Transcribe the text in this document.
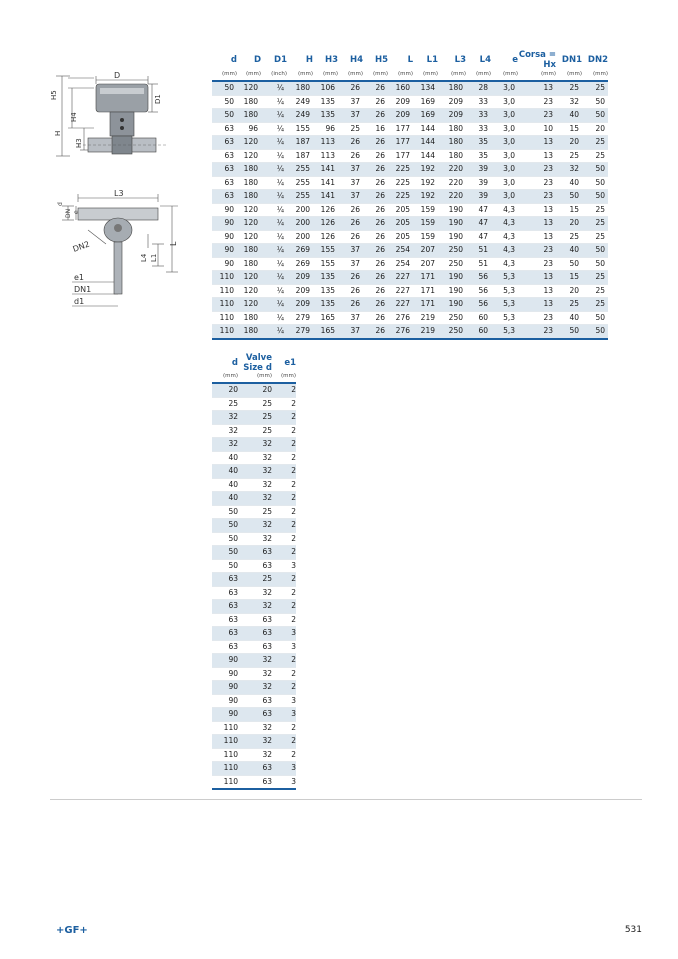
D
H5
H4
H
H3
D1
L3
d
DN e
DN2
L4 L1
L
e1
DN1
d1
d	D	D1	H	H3	H4	H5	L	L1	L3	L4	e	Corsa = Hx	DN1	DN2
(mm)	(mm)	(inch)	(mm)	(mm)	(mm)	(mm)	(mm)	(mm)	(mm)	(mm)	(mm)	(mm)	(mm)	(mm)
50	120	¼	180	106	26	26	160	134	180	28	3,0	13	25	25
50	180	¼	249	135	37	26	209	169	209	33	3,0	23	32	50
50	180	¼	249	135	37	26	209	169	209	33	3,0	23	40	50
63	96	¼	155	96	25	16	177	144	180	33	3,0	10	15	20
63	120	¼	187	113	26	26	177	144	180	35	3,0	13	20	25
63	120	¼	187	113	26	26	177	144	180	35	3,0	13	25	25
63	180	¼	255	141	37	26	225	192	220	39	3,0	23	32	50
63	180	¼	255	141	37	26	225	192	220	39	3,0	23	40	50
63	180	¼	255	141	37	26	225	192	220	39	3,0	23	50	50
90	120	¼	200	126	26	26	205	159	190	47	4,3	13	15	25
90	120	¼	200	126	26	26	205	159	190	47	4,3	13	20	25
90	120	¼	200	126	26	26	205	159	190	47	4,3	13	25	25
90	180	¼	269	155	37	26	254	207	250	51	4,3	23	40	50
90	180	¼	269	155	37	26	254	207	250	51	4,3	23	50	50
110	120	¼	209	135	26	26	227	171	190	56	5,3	13	15	25
110	120	¼	209	135	26	26	227	171	190	56	5,3	13	20	25
110	120	¼	209	135	26	26	227	171	190	56	5,3	13	25	25
110	180	¼	279	165	37	26	276	219	250	60	5,3	23	40	50
110	180	¼	279	165	37	26	276	219	250	60	5,3	23	50	50
d	Valve Size d	e1
(mm)	(mm)	(mm)
20	20	2
25	25	2
32	25	2
32	25	2
32	32	2
40	32	2
40	32	2
40	32	2
40	32	2
50	25	2
50	32	2
50	32	2
50	63	2
50	63	3
63	25	2
63	32	2
63	32	2
63	63	2
63	63	3
63	63	3
90	32	2
90	32	2
90	32	2
90	63	3
90	63	3
110	32	2
110	32	2
110	32	2
110	63	3
110	63	3
+GF+	531
